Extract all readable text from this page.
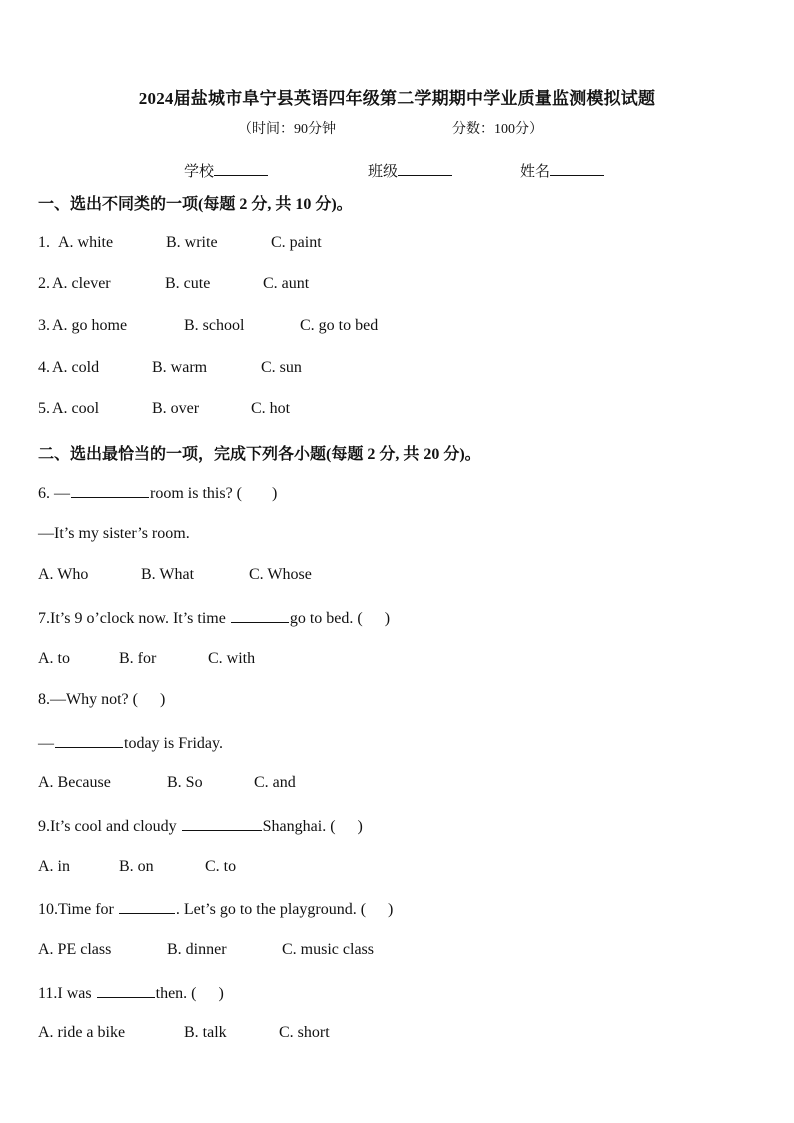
2024届盐城市阜宁县英语四年级第二学期期中学业质量监测模拟试题
（时间：90分钟	分数：100分）
学校	班级	姓名
一、选出不同类的一项(每题 2 分, 共 10 分)。
1. A. white	B. write	C. paint
2. A. clever	B. cute	C. aunt
3. A. go home	B. school	C. go to bed
4. A. cold	B. warm	C. sun
5. A. cool	B. over	C. hot
二、选出最恰当的一项，完成下列各小题(每题 2 分, 共 20 分)。
6. —	room is this? ( )
—It’s my sister’s room.
A. Who	B. What	C. Whose
7.It’s 9 o’clock now. It’s time	go to bed. ( )
A. to	B. for	C. with
8.—Why not? ( )
—	today is Friday.
A. Because	B. So	C. and
9.It’s cool and cloudy	Shanghai. ( )
A. in	B. on	C. to
10.Time for	. Let’s go to the playground. ( )
A. PE class	B. dinner	C. music class
11.I was	then. ( )
A. ride a bike	B. talk	C. short
